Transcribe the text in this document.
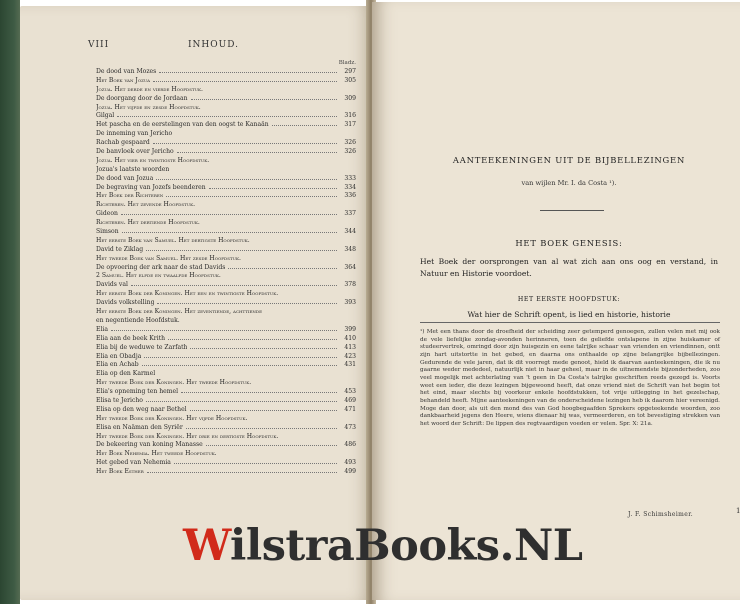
VIII	INHOUD.
Bladz.
De dood van Mozes	297
Het Boek van Jozua	305
Jozua. Het derde en vierde Hoofdstuk.
De doorgang door de Jordaan	309
Jozua. Het vijfde en zesde Hoofdstuk.
Gilgal	316
Het pascha en de eerstelingen van den oogst te Kanaän	317
De inneming van Jericho
Rachab gespaard	326
De banvloek over Jericho	326
Jozua. Het vier en twintigste Hoofdstuk.
Jozua's laatste woorden
De dood van Jozua	333
De begraving van Jozefs beenderen	334
Het Boek der Richteren	336
Richteren. Het zevende Hoofdstuk.
Gideon	337
Richteren. Het dertiende Hoofdstuk.
Simson	344
Het eerste Boek van Samuel. Het dertigste Hoofdstuk.
David te Ziklag	348
Het tweede Boek van Samuel. Het zesde Hoofdstuk.
De opvoering der ark naar de stad Davids	364
2 Samuel. Het elfde en twaalfde Hoofdstuk.
Davids val	378
Het eerste Boek der Koningen. Het een en twintigste Hoofdstuk.
Davids volkstelling	393
Het eerste Boek der Koningen. Het zeventiende, achttiende
en negentiende Hoofdstuk.
Elia	399
Elia aan de beek Krith	410
Elia bij de weduwe te Zarfath	413
Elia en Obadja	423
Elia en Achab	431
Elia op den Karmel
Het tweede Boek der Koningen. Het tweede Hoofdstuk.
Elia's opneming ten hemel	453
Elisa te Jericho	469
Elisa op den weg naar Bethel	471
Het tweede Boek der Koningen. Het vijfde Hoofdstuk.
Elisa en Naäman den Syriër	473
Het tweede Boek der Koningen. Het drie en dertigste Hoofdstuk.
De bekeering van koning Manasse	486
Het Boek Nehemia. Het tweede Hoofdstuk.
Het gebed van Nehemia	493
Het Boek Esther	499
AANTEEKENINGEN UIT DE BIJBELLEZINGEN
van wijlen Mr. I. da Costa ¹).
HET BOEK GENESIS:
Het Boek der oorsprongen van al wat zich aan ons oog en verstand, in Natuur en Historie voordoet.
HET EERSTE HOOFDSTUK:
Wat hier de Schrift opent, is lied en historie, historie
¹) Met een thans door de droefheid der scheiding zeer getemperd genoegen, zullen velen met mij ook de vele liefelijke zondag-avonden herinneren, toen de geliefde ontslapene in zijne huiskamer of studeervertrek, omringd door zijn huisgezin en eene talrijke schaar van vrienden en vriendinnen, ontt zijn hart uitstortte in het gebed, en daarna ons onthaalde op zijne belangrijke bijbellezingen. Gedurende de vele jaren, dat ik dit voorregt mede genoot, hield ik daarvan aanteekeningen, die ik nu gaarne weder mededeel, natuurlijk niet in haar geheel, maar in de uitnemendste bijzonderheden, zoo veel mogelijk met achterlating van 't geen in Da Costa's talrijke geschriften reeds gezegd is. Voorts weet een ieder, die deze lezingen bijgewoond heeft, dat onze vriend niet de Schrift van het begin tot het eind, maar slechts bij voorkeur enkele hoofdstukken, tot vrije uitlegging in het gezelschap, behandeld heeft. Mijne aanteekeningen van de onderscheidene lezingen heb ik daarom hier vereenigd. Moge dan door, als uit den mond des van God hoogbegaafden Sprekers opgeteekende woorden, zoo dankbaarheid jegens den Heere, wiens dienaar hij was, vermeerderen, en tot bevestiging strekken van het woord der Schrift: De lippen des regtvaardigen voeden er velen. Spr. X: 21a.
J. F. Schimsheimer.	1
WilstraBooks.NL
